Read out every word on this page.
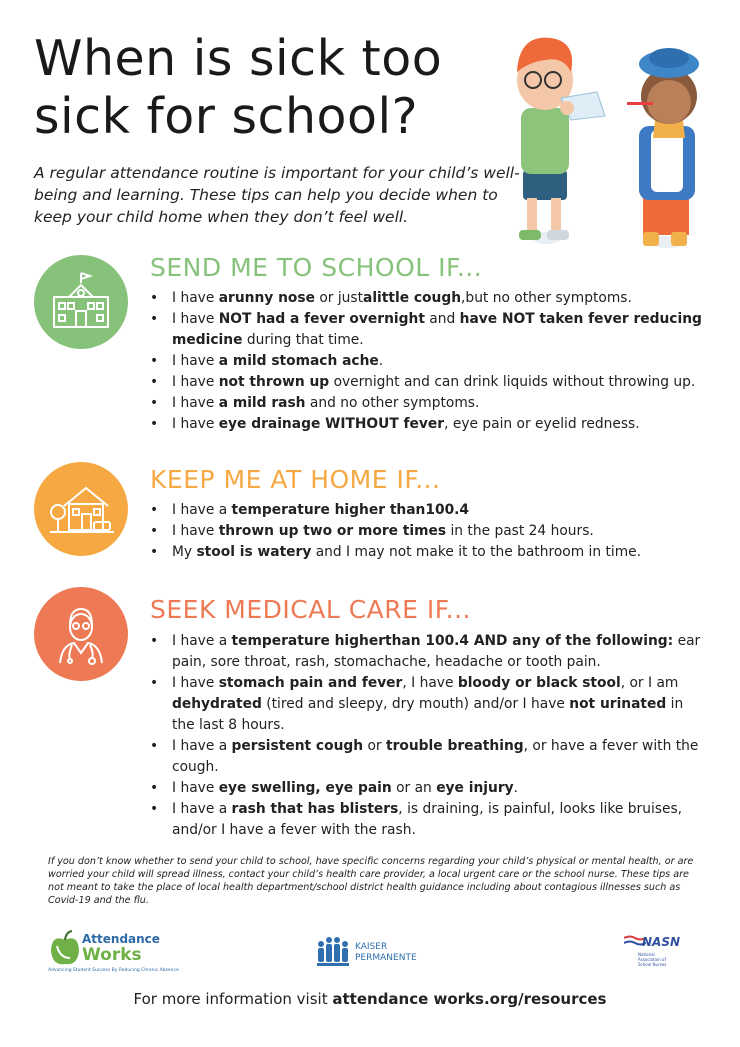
When is sick too
sick for school?
A regular attendance routine is important for your child’s well-being and learning. These tips can help you decide when to keep your child home when they don’t feel well.
SEND ME TO SCHOOL IF...
• I have arunny nose or justalittle cough,but no other symptoms.
• I have NOT had a fever overnight and have NOT taken fever reducing medicine during that time.
• I have a mild stomach ache.
• I have not thrown up overnight and can drink liquids without throwing up.
• I have a mild rash and no other symptoms.
• I have eye drainage WITHOUT fever, eye pain or eyelid redness.
KEEP ME AT HOME IF...
• I have a temperature higher than100.4
• I have thrown up two or more times in the past 24 hours.
• My stool is watery and I may not make it to the bathroom in time.
SEEK MEDICAL CARE IF...
• I have a temperature higherthan 100.4 AND any of the following: ear pain, sore throat, rash, stomachache, headache or tooth pain.
• I have stomach pain and fever, I have bloody or black stool, or I am dehydrated (tired and sleepy, dry mouth) and/or I have not urinated in the last 8 hours.
• I have a persistent cough or trouble breathing, or have a fever with the cough.
• I have eye swelling, eye pain or an eye injury.
• I have a rash that has blisters, is draining, is painful, looks like bruises, and/or I have a fever with the rash.
If you don’t know whether to send your child to school, have specific concerns regarding your child’s physical or mental health, or are worried your child will spread illness, contact your child’s health care provider, a local urgent care or the school nurse. These tips are not meant to take the place of local health department/school district health guidance including about contagious illnesses such as Covid-19 and the flu.
Attendance
Works
Advancing Student Success By Reducing Chronic Absence
KAISER
PERMANENTE
NASN
National Association of School Nurses
For more information visit attendance works.org/resources
